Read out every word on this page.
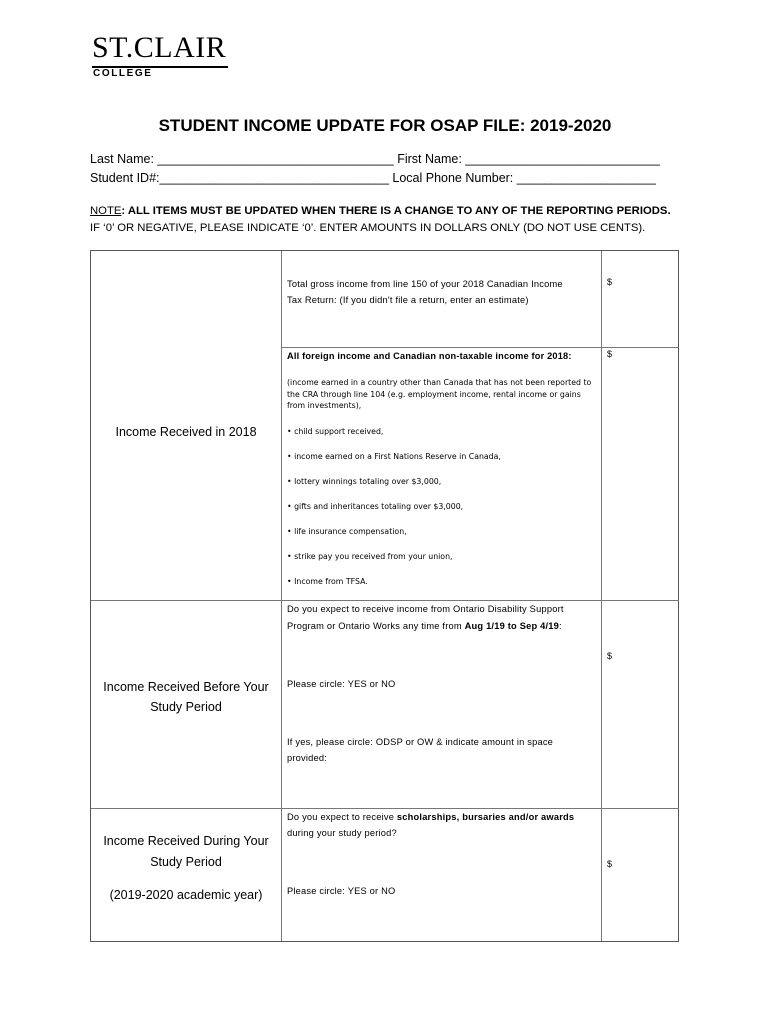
ST.CLAIR
COLLEGE
STUDENT INCOME UPDATE FOR OSAP FILE: 2019-2020
Last Name: __________________________________ First Name: ____________________________
Student ID#:_________________________________ Local Phone Number: ____________________
NOTE: ALL ITEMS MUST BE UPDATED WHEN THERE IS A CHANGE TO ANY OF THE REPORTING PERIODS.
IF ‘0’ OR NEGATIVE, PLEASE INDICATE ‘0’. ENTER AMOUNTS IN DOLLARS ONLY (DO NOT USE CENTS).
Income Received in 2018
Total gross income from line 150 of your 2018 Canadian Income
Tax Return: (If you didn't file a return, enter an estimate)
$
All foreign income and Canadian non-taxable income for 2018:	$
(income earned in a country other than Canada that has not been reported to the CRA through line 104 (e.g. employment income, rental income or gains from investments),
• child support received,
• income earned on a First Nations Reserve in Canada,
• lottery winnings totaling over $3,000,
• gifts and inheritances totaling over $3,000,
• life insurance compensation,
• strike pay you received from your union,
• Income from TFSA.
Income Received Before Your
Study Period
Do you expect to receive income from Ontario Disability Support
Program or Ontario Works any time from Aug 1/19 to Sep 4/19:
$
Please circle: YES or NO
If yes, please circle: ODSP or OW & indicate amount in space
provided:
Income Received During Your
Study Period
(2019-2020 academic year)
Do you expect to receive scholarships, bursaries and/or awards
during your study period?
$
Please circle: YES or NO
